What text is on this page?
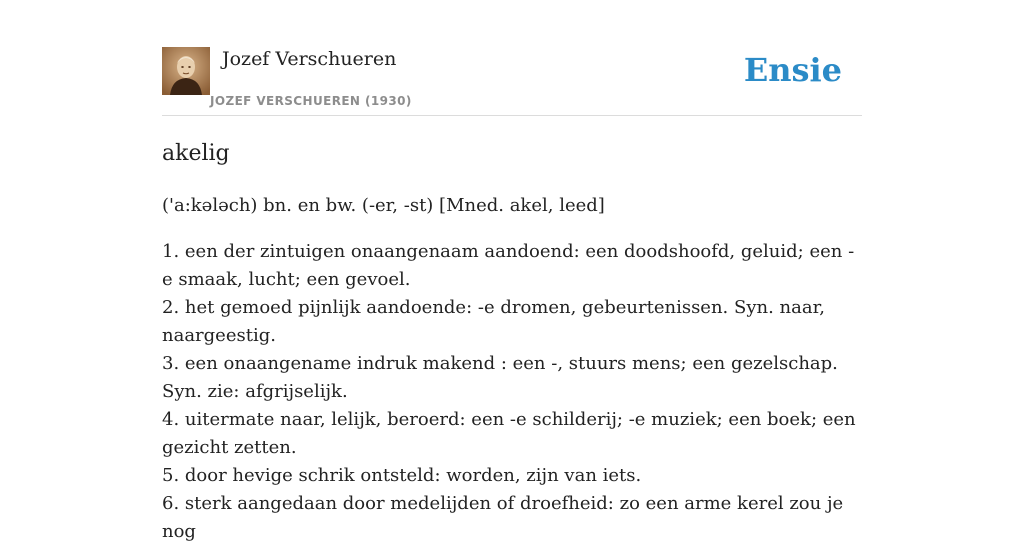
Jozef Verschueren
JOZEF VERSCHUEREN (1930)
Ensie
akelig
('a:kələch) bn. en bw. (-er, -st) [Mned. akel, leed]

1. een der zintuigen onaangenaam aandoend: een doodshoofd, geluid; een -e smaak, lucht; een gevoel.

2. het gemoed pijnlijk aandoende: -e dromen, gebeurtenissen. Syn. naar, naargeestig.

3. een onaangename indruk makend : een -, stuurs mens; een gezelschap. Syn. zie: afgrijselijk.

4. uitermate naar, lelijk, beroerd: een -e schilderij; -e muziek; een boek; een gezicht zetten.

5. door hevige schrik ontsteld: worden, zijn van iets.

6. sterk aangedaan door medelijden of droefheid: zo een arme kerel zou je nog
